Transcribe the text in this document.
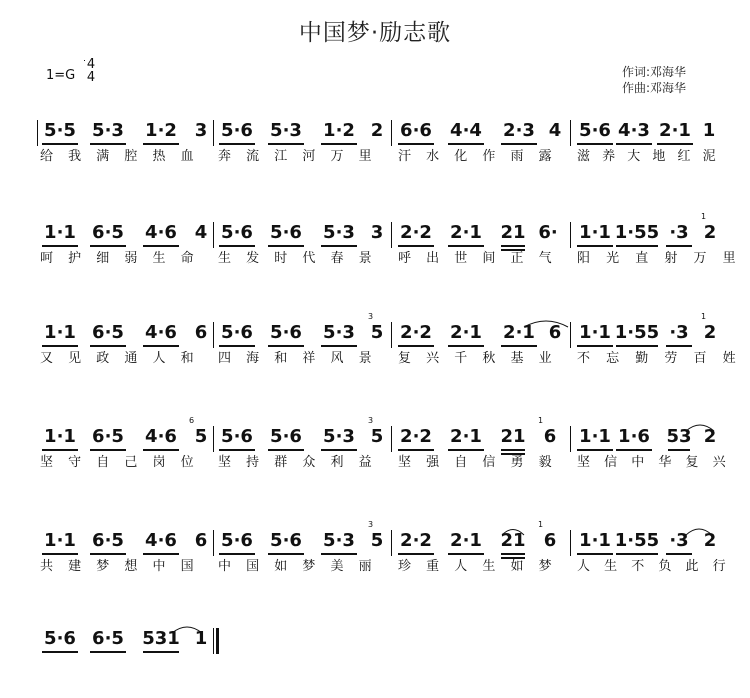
中国梦·励志歌
1=G
4
4	作词:邓海华
作曲:邓海华
5·5 5·3 1·2 3
给 我 满 腔 热 血
5·6 5·3 1·2 2
奔 流 江 河 万 里
6·6 4·4 2·3 4
汗 水 化 作 雨 露
5·6 4·3 2·1 1
滋 养 大 地 红 泥
1·1 6·5 4·6 4
呵 护 细 弱 生 命
5·6 5·6 5·3 3
生 发 时 代 春 景
2·2 2·1 21 6·
呼 出 世 间 正 气
1·1 1·55 ·3
1
2
阳 光 直 射 万 里
1·1 6·5 4·6 6
又 见 政 通 人 和
5·6 5·6 5·3
3
5
四 海 和 祥 风 景
2·2 2·1 2·1 6
复 兴 千 秋 基 业
1·1 1·55 ·3
1
2
不 忘 勤 劳 百 姓
1·1 6·5 4·6
6
5
坚 守 自 己 岗 位
5·6 5·6 5·3
3
5
坚 持 群 众 利 益
2·2 2·1 21
1
6
坚 强 自 信 勇 毅
1·1 1·6 53 2
坚 信 中 华 复 兴
1·1 6·5 4·6 6
共 建 梦 想 中 国
5·6 5·6 5·3
3
5
中 国 如 梦 美 丽
2·2 2·1 21
1
6
珍 重 人 生 如 梦
1·1 1·55 ·3 2
人 生 不 负 此 行
5·6 6·5 531 1
